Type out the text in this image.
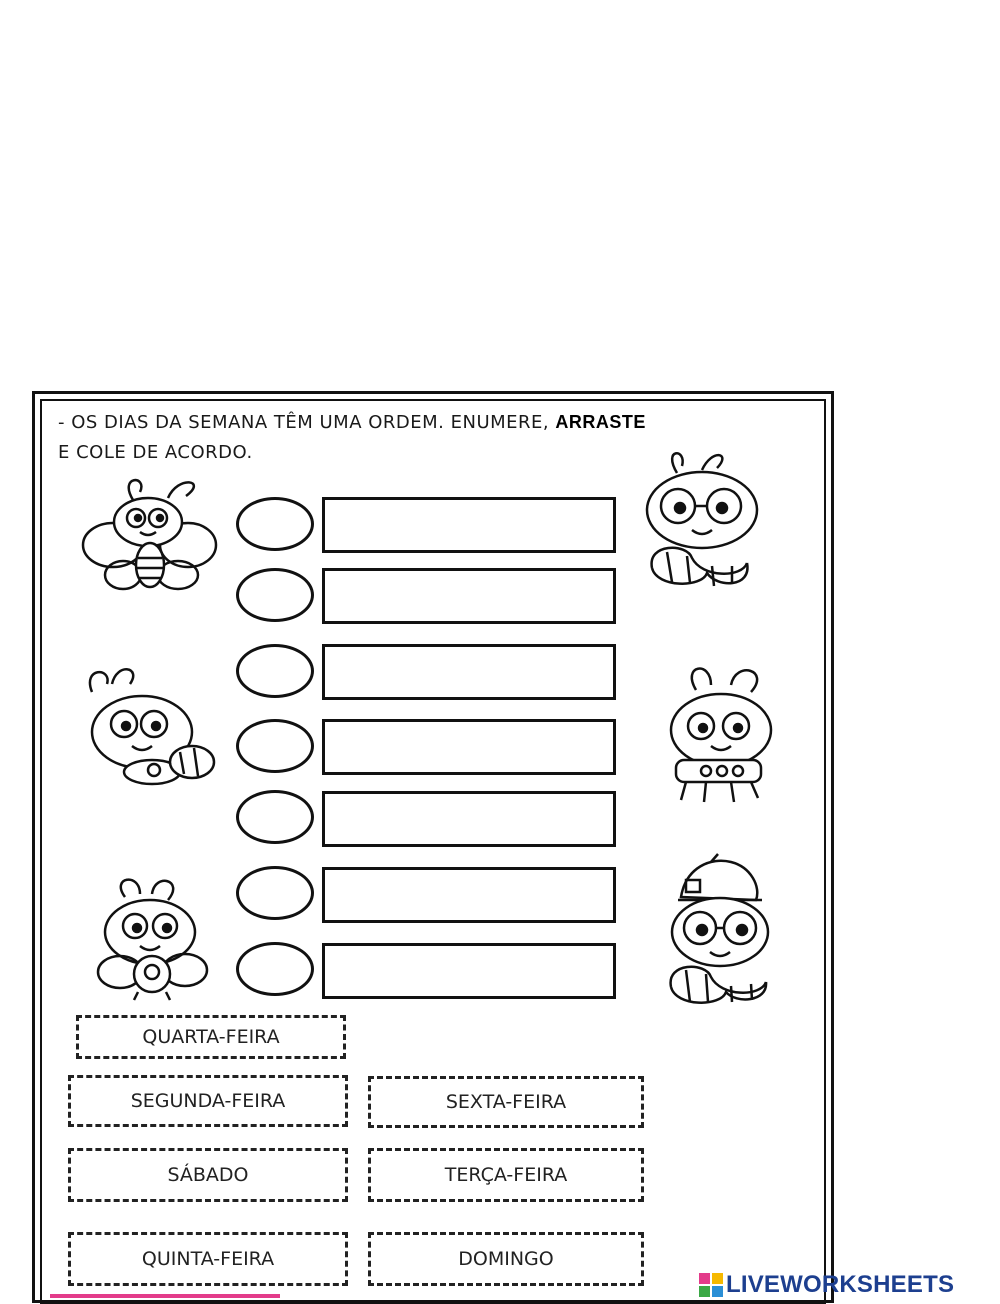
- OS DIAS DA SEMANA TÊM UMA ORDEM. ENUMERE, ARRASTE
E COLE DE ACORDO.
QUARTA-FEIRA
SEGUNDA-FEIRA	SEXTA-FEIRA
SÁBADO	TERÇA-FEIRA
QUINTA-FEIRA	DOMINGO
LIVEWORKSHEETS
